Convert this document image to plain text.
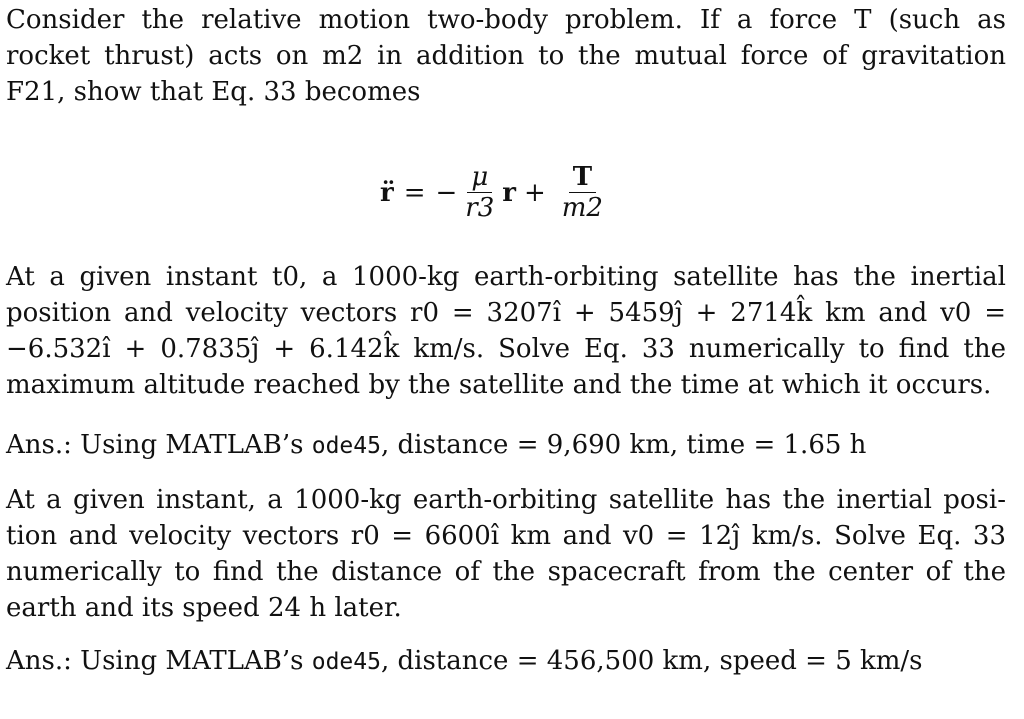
Consider the relative motion two-body problem. If a force T (such as
rocket thrust) acts on m2 in addition to the mutual force of gravitation
F21, show that Eq. 33 becomes
r̈ = − $\frac{\mu}{r3}$ $r + \frac{T}{m2}$
At a given instant t0, a 1000-kg earth-orbiting satellite has the inertial
position and velocity vectors r0 = 3207î + 5459ĵ + 2714k̂ km and v0 =
−6.532î + 0.7835ĵ + 6.142k̂ km/s. Solve Eq. 33 numerically to find the
maximum altitude reached by the satellite and the time at which it occurs.
Ans.: Using MATLAB’s ode45, distance = 9,690 km, time = 1.65 h
At a given instant, a 1000-kg earth-orbiting satellite has the inertial posi-
tion and velocity vectors r0 = 6600î km and v0 = 12ĵ km/s. Solve Eq. 33
numerically to find the distance of the spacecraft from the center of the
earth and its speed 24 h later.
Ans.: Using MATLAB’s ode45, distance = 456,500 km, speed = 5 km/s
